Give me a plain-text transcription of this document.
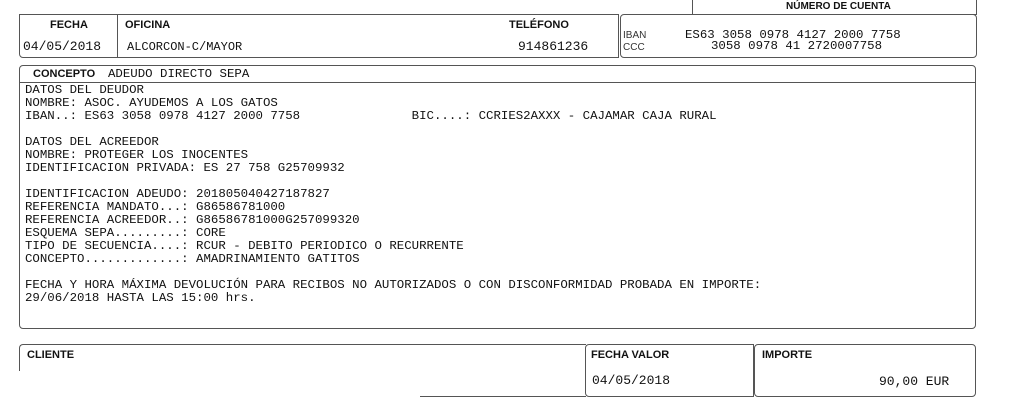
NÚMERO DE CUENTA
FECHA
04/05/2018
OFICINA
ALCORCON-C/MAYOR
TELÉFONO
914861236
IBAN
CCC
ES63 3058 0978 4127 2000 7758
3058 0978 41 2720007758
CONCEPTO ADEUDO DIRECTO SEPA
DATOS DEL DEUDOR
NOMBRE: ASOC. AYUDEMOS A LOS GATOS
IBAN..: ES63 3058 0978 4127 2000 7758               BIC....: CCRIES2AXXX - CAJAMAR CAJA RURAL
DATOS DEL ACREEDOR
NOMBRE: PROTEGER LOS INOCENTES
IDENTIFICACION PRIVADA: ES 27 758 G25709932
IDENTIFICACION ADEUDO: 201805040427187827
REFERENCIA MANDATO...: G86586781000
REFERENCIA ACREEDOR..: G86586781000G257099320
ESQUEMA SEPA.........: CORE
TIPO DE SECUENCIA....: RCUR - DEBITO PERIODICO O RECURRENTE
CONCEPTO.............: AMADRINAMIENTO GATITOS
FECHA Y HORA MÁXIMA DEVOLUCIÓN PARA RECIBOS NO AUTORIZADOS O CON DISCONFORMIDAD PROBADA EN IMPORTE:
29/06/2018 HASTA LAS 15:00 hrs.
CLIENTE	FECHA VALOR
04/05/2018
IMPORTE
90,00 EUR
